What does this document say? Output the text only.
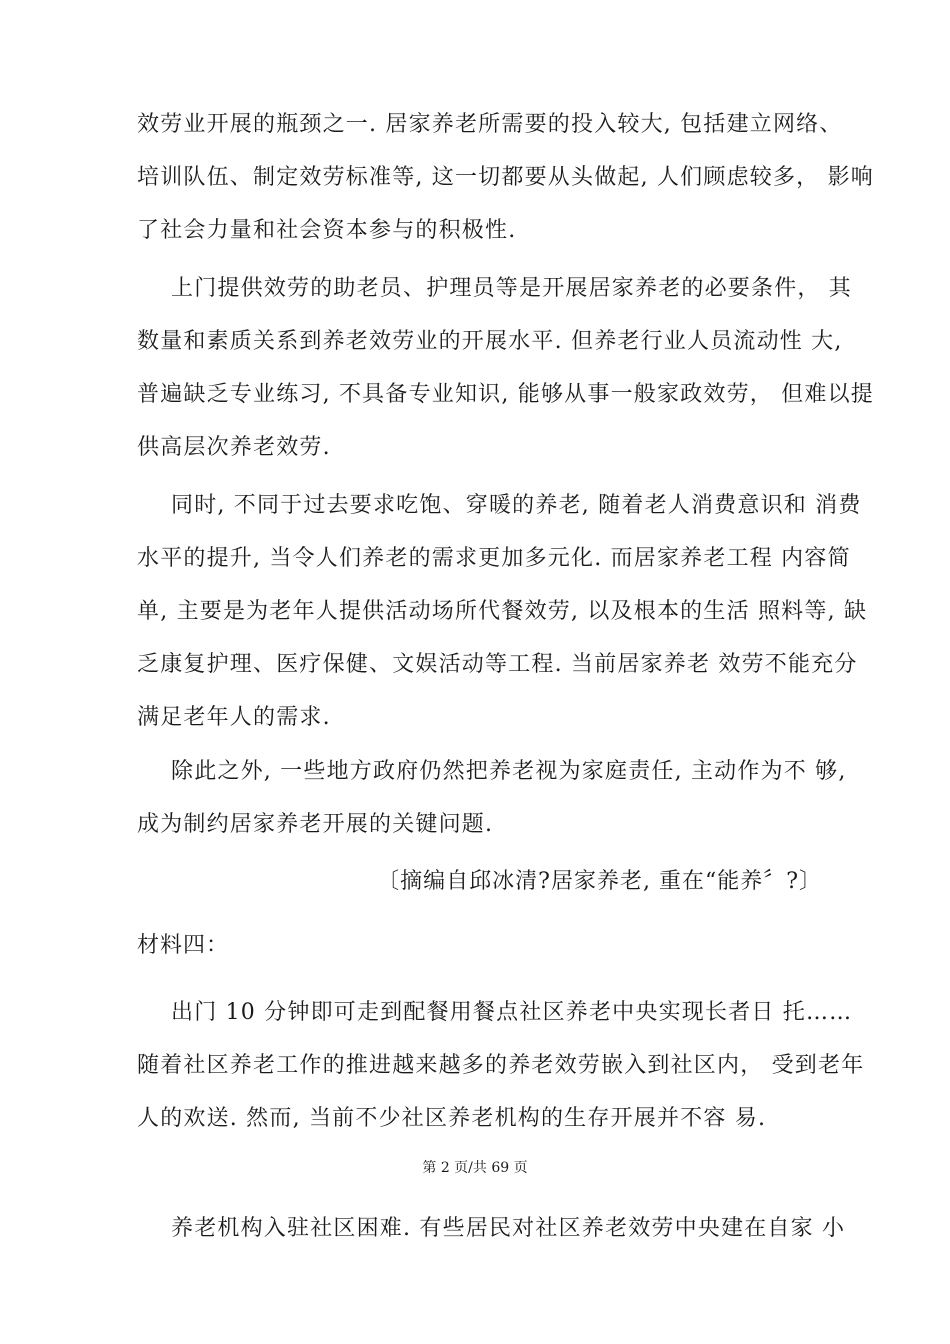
效劳业开展的瓶颈之一. 居家养老所需要的投入较大, 包括建立网络、
培训队伍、制定效劳标准等, 这一切都要从头做起, 人们顾虑较多， 影响
了社会力量和社会资本参与的积极性.

上门提供效劳的助老员、护理员等是开展居家养老的必要条件， 其
数量和素质关系到养老效劳业的开展水平. 但养老行业人员流动性 大,
普遍缺乏专业练习, 不具备专业知识, 能够从事一般家政效劳， 但难以提
供高层次养老效劳.

同时, 不同于过去要求吃饱、穿暖的养老, 随着老人消费意识和 消费
水平的提升, 当令人们养老的需求更加多元化. 而居家养老工程 内容简
单, 主要是为老年人提供活动场所代餐效劳, 以及根本的生活 照料等, 缺
乏康复护理、医疗保健、文娱活动等工程. 当前居家养老 效劳不能充分
满足老年人的需求.

除此之外, 一些地方政府仍然把养老视为家庭责任, 主动作为不 够,
成为制约居家养老开展的关键问题.

〔摘编自邱冰清?居家养老, 重在“能养〞?〕
材料四：

出门 10 分钟即可走到配餐用餐点社区养老中央实现长者日 托……
随着社区养老工作的推进越来越多的养老效劳嵌入到社区内， 受到老年
人的欢送. 然而, 当前不少社区养老机构的生存开展并不容 易.

第 2 页/共 69 页

养老机构入驻社区困难. 有些居民对社区养老效劳中央建在自家 小
